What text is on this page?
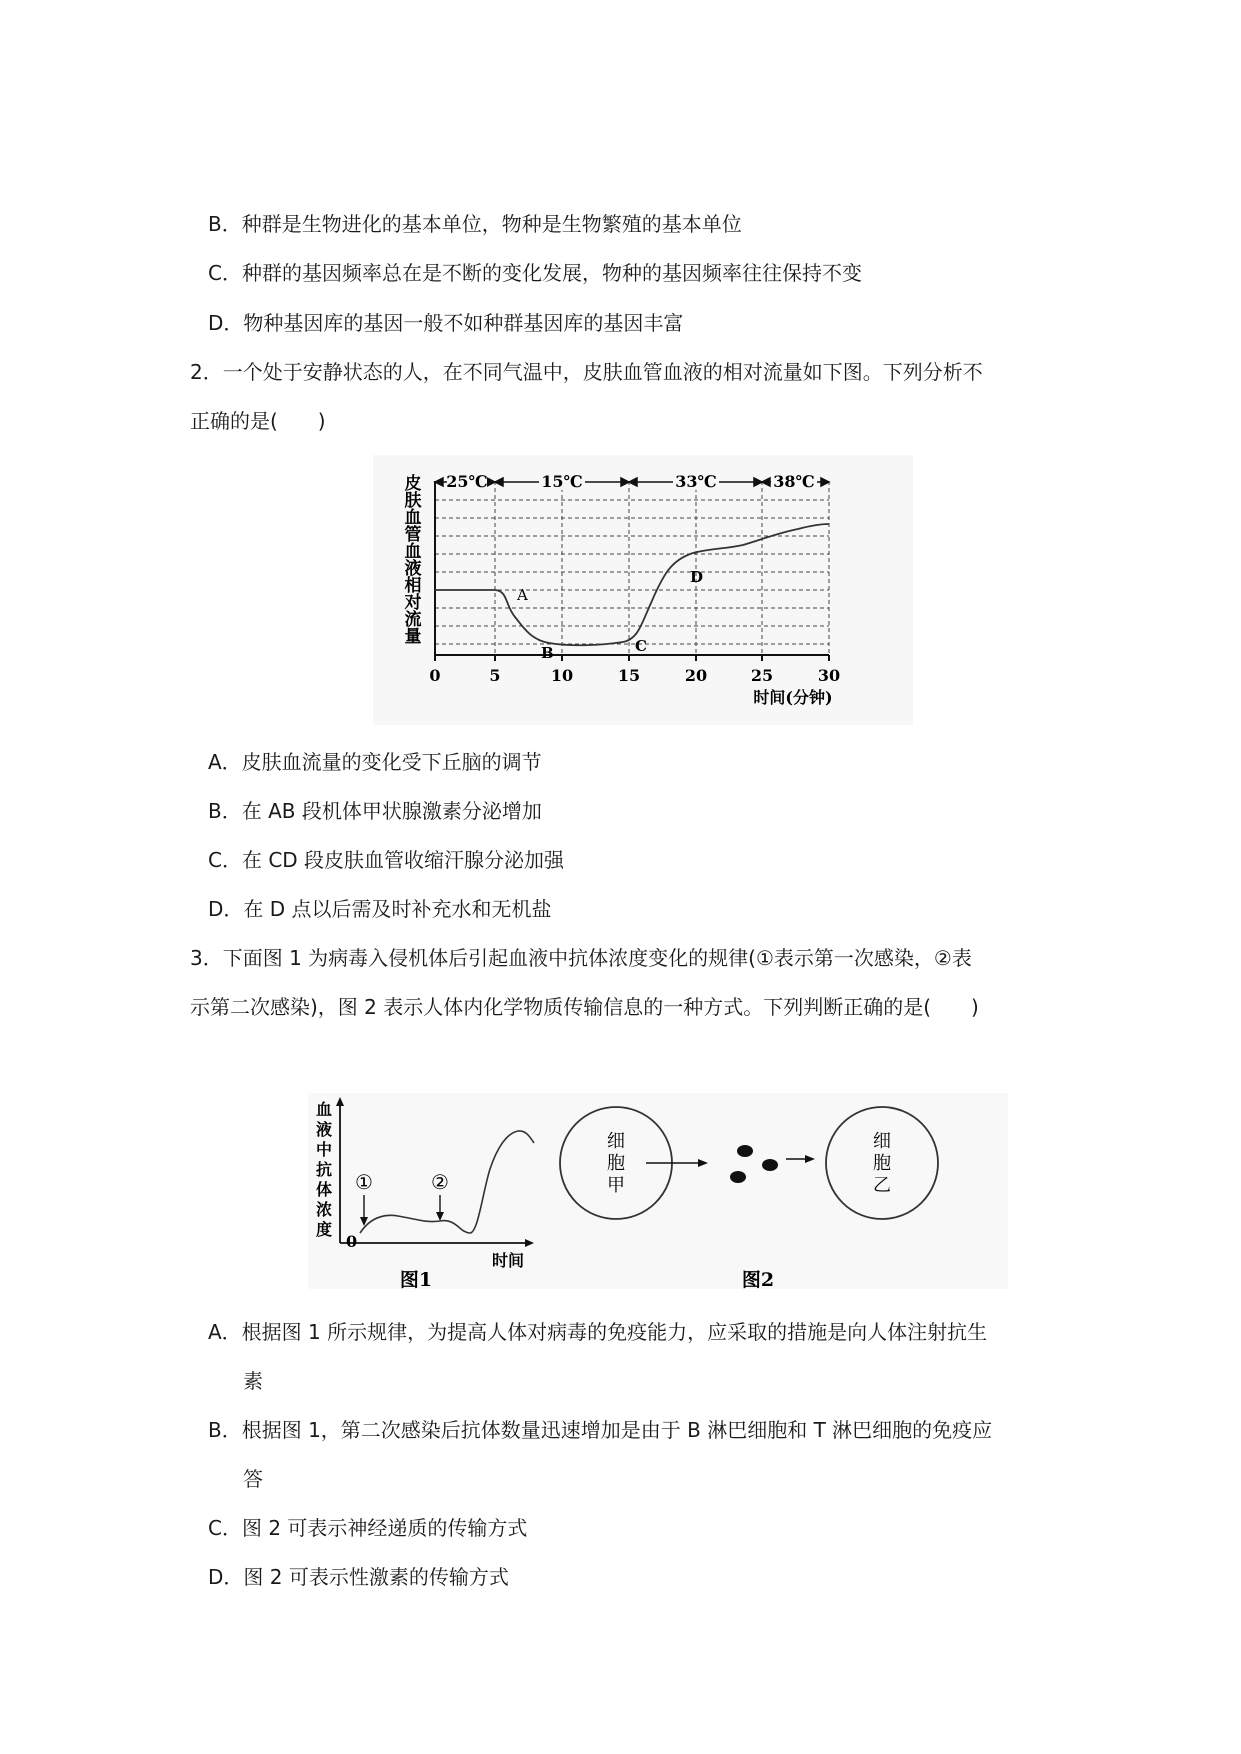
B．种群是生物进化的基本单位，物种是生物繁殖的基本单位
C．种群的基因频率总在是不断的变化发展，物种的基因频率往往保持不变
D．物种基因库的基因一般不如种群基因库的基因丰富
2．一个处于安静状态的人，在不同气温中，皮肤血管血液的相对流量如下图。下列分析不
正确的是(　　)
25℃	15℃	33℃	38℃
A
B	C
D
皮
肤
血
管
血
液
相
对
流
量
0	5	10	15	20	25	30
时间(分钟)
A．皮肤血流量的变化受下丘脑的调节
B．在 AB 段机体甲状腺激素分泌增加
C．在 CD 段皮肤血管收缩汗腺分泌加强
D．在 D 点以后需及时补充水和无机盐
3．下面图 1 为病毒入侵机体后引起血液中抗体浓度变化的规律(①表示第一次感染，②表
示第二次感染)，图 2 表示人体内化学物质传输信息的一种方式。下列判断正确的是(　　)
①	②
血
液
中
抗
体
浓
度
0
时间
图1
细
胞
甲
细
胞
乙
图2
A．根据图 1 所示规律，为提高人体对病毒的免疫能力，应采取的措施是向人体注射抗生
素
B．根据图 1，第二次感染后抗体数量迅速增加是由于 B 淋巴细胞和 T 淋巴细胞的免疫应
答
C．图 2 可表示神经递质的传输方式
D．图 2 可表示性激素的传输方式
